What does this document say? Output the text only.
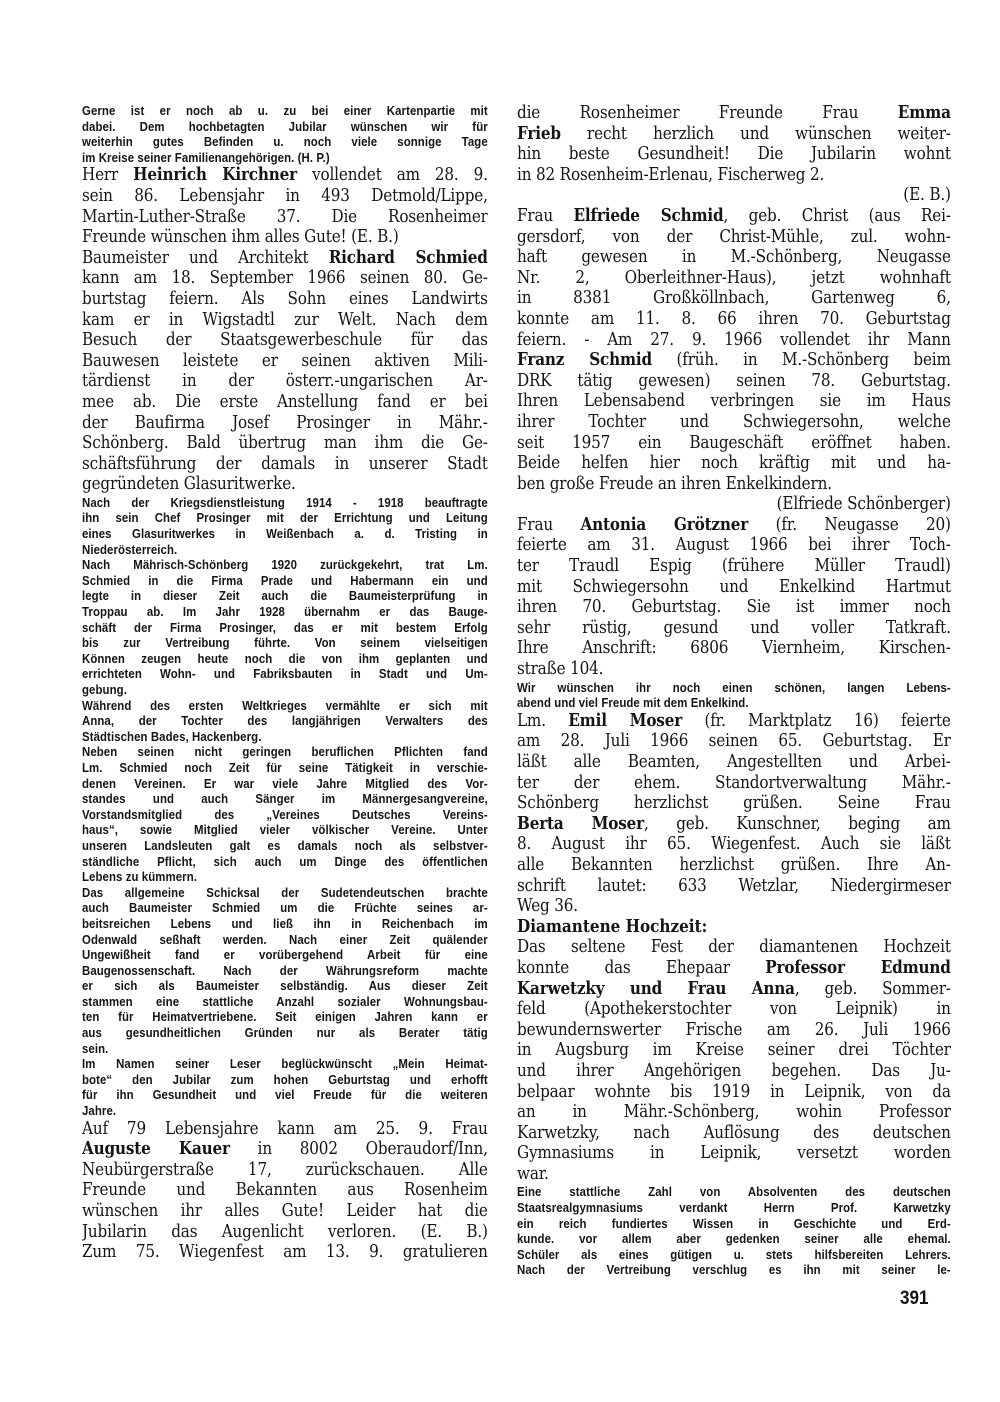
Gerne ist er noch ab u. zu bei einer Kartenpartie mit
dabei. Dem hochbetagten Jubilar wünschen wir für
weiterhin gutes Befinden u. noch viele sonnige Tage
im Kreise seiner Familienangehörigen. (H. P.)
Herr Heinrich Kirchner vollendet am 28. 9.
sein 86. Lebensjahr in 493 Detmold/Lippe,
Martin-Luther-Straße 37. Die Rosenheimer
Freunde wünschen ihm alles Gute! (E. B.)
Baumeister und Architekt Richard Schmied
kann am 18. September 1966 seinen 80. Ge-
burtstag feiern. Als Sohn eines Landwirts
kam er in Wigstadtl zur Welt. Nach dem
Besuch der Staatsgewerbeschule für das
Bauwesen leistete er seinen aktiven Mili-
tärdienst in der österr.-ungarischen Ar-
mee ab. Die erste Anstellung fand er bei
der Baufirma Josef Prosinger in Mähr.-
Schönberg. Bald übertrug man ihm die Ge-
schäftsführung der damals in unserer Stadt
gegründeten Glasuritwerke.
Nach der Kriegsdienstleistung 1914 - 1918 beauftragte
ihn sein Chef Prosinger mit der Errichtung und Leitung
eines Glasuritwerkes in Weißenbach a. d. Tristing in
Niederösterreich.
Nach Mährisch-Schönberg 1920 zurückgekehrt, trat Lm.
Schmied in die Firma Prade und Habermann ein und
legte in dieser Zeit auch die Baumeisterprüfung in
Troppau ab. Im Jahr 1928 übernahm er das Bauge-
schäft der Firma Prosinger, das er mit bestem Erfolg
bis zur Vertreibung führte. Von seinem vielseitigen
Können zeugen heute noch die von ihm geplanten und
errichteten Wohn- und Fabriksbauten in Stadt und Um-
gebung.
Während des ersten Weltkrieges vermählte er sich mit
Anna, der Tochter des langjährigen Verwalters des
Städtischen Bades, Hackenberg.
Neben seinen nicht geringen beruflichen Pflichten fand
Lm. Schmied noch Zeit für seine Tätigkeit in verschie-
denen Vereinen. Er war viele Jahre Mitglied des Vor-
standes und auch Sänger im Männergesangvereine,
Vorstandsmitglied des „Vereines Deutsches Vereins-
haus“, sowie Mitglied vieler völkischer Vereine. Unter
unseren Landsleuten galt es damals noch als selbstver-
ständliche Pflicht, sich auch um Dinge des öffentlichen
Lebens zu kümmern.
Das allgemeine Schicksal der Sudetendeutschen brachte
auch Baumeister Schmied um die Früchte seines ar-
beitsreichen Lebens und ließ ihn in Reichenbach im
Odenwald seßhaft werden. Nach einer Zeit quälender
Ungewißheit fand er vorübergehend Arbeit für eine
Baugenossenschaft. Nach der Währungsreform machte
er sich als Baumeister selbständig. Aus dieser Zeit
stammen eine stattliche Anzahl sozialer Wohnungsbau-
ten für Heimatvertriebene. Seit einigen Jahren kann er
aus gesundheitlichen Gründen nur als Berater tätig
sein.
Im Namen seiner Leser beglückwünscht „Mein Heimat-
bote“ den Jubilar zum hohen Geburtstag und erhofft
für ihn Gesundheit und viel Freude für die weiteren
Jahre.
Auf 79 Lebensjahre kann am 25. 9. Frau
Auguste Kauer in 8002 Oberaudorf/Inn,
Neubürgerstraße 17, zurückschauen. Alle
Freunde und Bekannten aus Rosenheim
wünschen ihr alles Gute! Leider hat die
Jubilarin das Augenlicht verloren. (E. B.)
Zum 75. Wiegenfest am 13. 9. gratulieren
die Rosenheimer Freunde Frau Emma
Frieb recht herzlich und wünschen weiter-
hin beste Gesundheit! Die Jubilarin wohnt
in 82 Rosenheim-Erlenau, Fischerweg 2.
(E. B.)
Frau Elfriede Schmid, geb. Christ (aus Rei-
gersdorf, von der Christ-Mühle, zul. wohn-
haft gewesen in M.-Schönberg, Neugasse
Nr. 2, Oberleithner-Haus), jetzt wohnhaft
in 8381 Großköllnbach, Gartenweg 6,
konnte am 11. 8. 66 ihren 70. Geburtstag
feiern. - Am 27. 9. 1966 vollendet ihr Mann
Franz Schmid (früh. in M.-Schönberg beim
DRK tätig gewesen) seinen 78. Geburtstag.
Ihren Lebensabend verbringen sie im Haus
ihrer Tochter und Schwiegersohn, welche
seit 1957 ein Baugeschäft eröffnet haben.
Beide helfen hier noch kräftig mit und ha-
ben große Freude an ihren Enkelkindern.
(Elfriede Schönberger)
Frau Antonia Grötzner (fr. Neugasse 20)
feierte am 31. August 1966 bei ihrer Toch-
ter Traudl Espig (frühere Müller Traudl)
mit Schwiegersohn und Enkelkind Hartmut
ihren 70. Geburtstag. Sie ist immer noch
sehr rüstig, gesund und voller Tatkraft.
Ihre Anschrift: 6806 Viernheim, Kirschen-
straße 104.
Wir wünschen ihr noch einen schönen, langen Lebens-
abend und viel Freude mit dem Enkelkind.
Lm. Emil Moser (fr. Marktplatz 16) feierte
am 28. Juli 1966 seinen 65. Geburtstag. Er
läßt alle Beamten, Angestellten und Arbei-
ter der ehem. Standortverwaltung Mähr.-
Schönberg herzlichst grüßen. Seine Frau
Berta Moser, geb. Kunschner, beging am
8. August ihr 65. Wiegenfest. Auch sie läßt
alle Bekannten herzlichst grüßen. Ihre An-
schrift lautet: 633 Wetzlar, Niedergirmeser
Weg 36.
Diamantene Hochzeit:
Das seltene Fest der diamantenen Hochzeit
konnte das Ehepaar Professor Edmund
Karwetzky und Frau Anna, geb. Sommer-
feld (Apothekerstochter von Leipnik) in
bewundernswerter Frische am 26. Juli 1966
in Augsburg im Kreise seiner drei Töchter
und ihrer Angehörigen begehen. Das Ju-
belpaar wohnte bis 1919 in Leipnik, von da
an in Mähr.-Schönberg, wohin Professor
Karwetzky, nach Auflösung des deutschen
Gymnasiums in Leipnik, versetzt worden
war.
Eine stattliche Zahl von Absolventen des deutschen
Staatsrealgymnasiums verdankt Herrn Prof. Karwetzky
ein reich fundiertes Wissen in Geschichte und Erd-
kunde. vor allem aber gedenken seiner alle ehemal.
Schüler als eines gütigen u. stets hilfsbereiten Lehrers.
Nach der Vertreibung verschlug es ihn mit seiner le-
391
